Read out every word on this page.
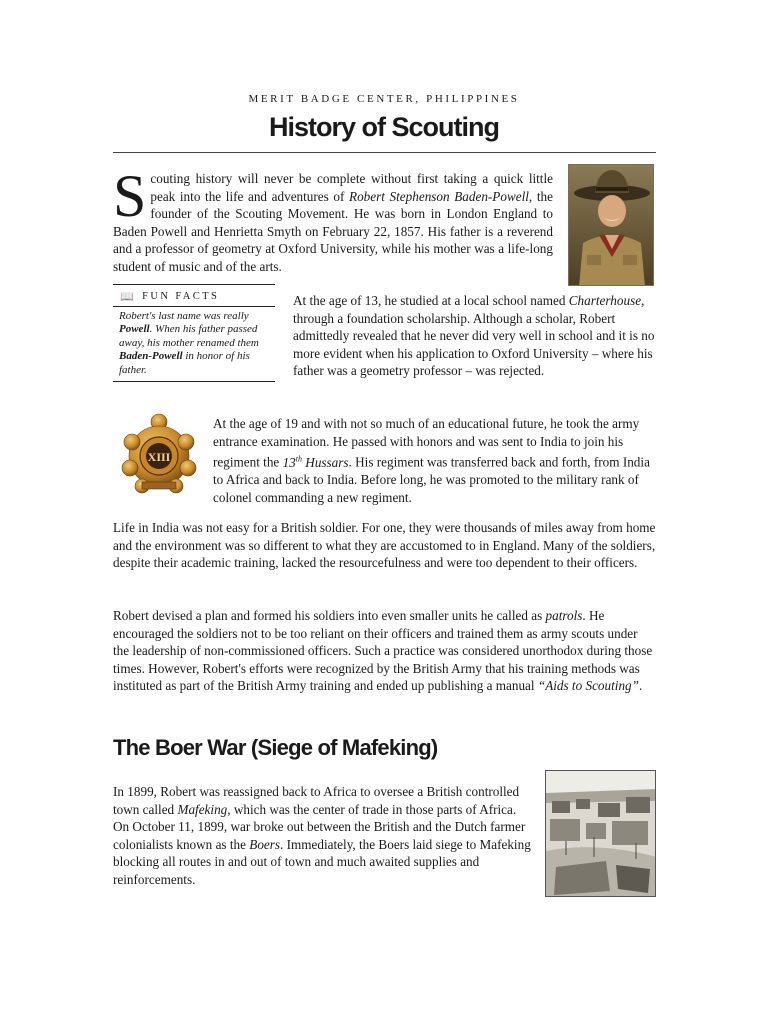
MERIT BADGE CENTER, PHILIPPINES
History of Scouting

Scouting history will never be complete without first taking a quick little peak into the life and adventures of Robert Stephenson Baden-Powell, the founder of the Scouting Movement. He was born in London England to Baden Powell and Henrietta Smyth on February 22, 1857. His father is a reverend and a professor of geometry at Oxford University, while his mother was a life-long student of music and of the arts.

📖 FUN FACTS
Robert's last name was really Powell. When his father passed away, his mother renamed them Baden-Powell in honor of his father.

At the age of 13, he studied at a local school named Charterhouse, through a foundation scholarship. Although a scholar, Robert admittedly revealed that he never did very well in school and it is no more evident when his application to Oxford University – where his father was a geometry professor – was rejected.

XIII

At the age of 19 and with not so much of an educational future, he took the army entrance examination. He passed with honors and was sent to India to join his regiment the 13th Hussars. His regiment was transferred back and forth, from India to Africa and back to India. Before long, he was promoted to the military rank of colonel commanding a new regiment.

Life in India was not easy for a British soldier. For one, they were thousands of miles away from home and the environment was so different to what they are accustomed to in England. Many of the soldiers, despite their academic training, lacked the resourcefulness and were too dependent to their officers.

Robert devised a plan and formed his soldiers into even smaller units he called as patrols. He encouraged the soldiers not to be too reliant on their officers and trained them as army scouts under the leadership of non-commissioned officers. Such a practice was considered unorthodox during those times. However, Robert's efforts were recognized by the British Army that his training methods was instituted as part of the British Army training and ended up publishing a manual “Aids to Scouting”.

The Boer War (Siege of Mafeking)

In 1899, Robert was reassigned back to Africa to oversee a British controlled town called Mafeking, which was the center of trade in those parts of Africa. On October 11, 1899, war broke out between the British and the Dutch farmer colonialists known as the Boers. Immediately, the Boers laid siege to Mafeking blocking all routes in and out of town and much awaited supplies and reinforcements.
